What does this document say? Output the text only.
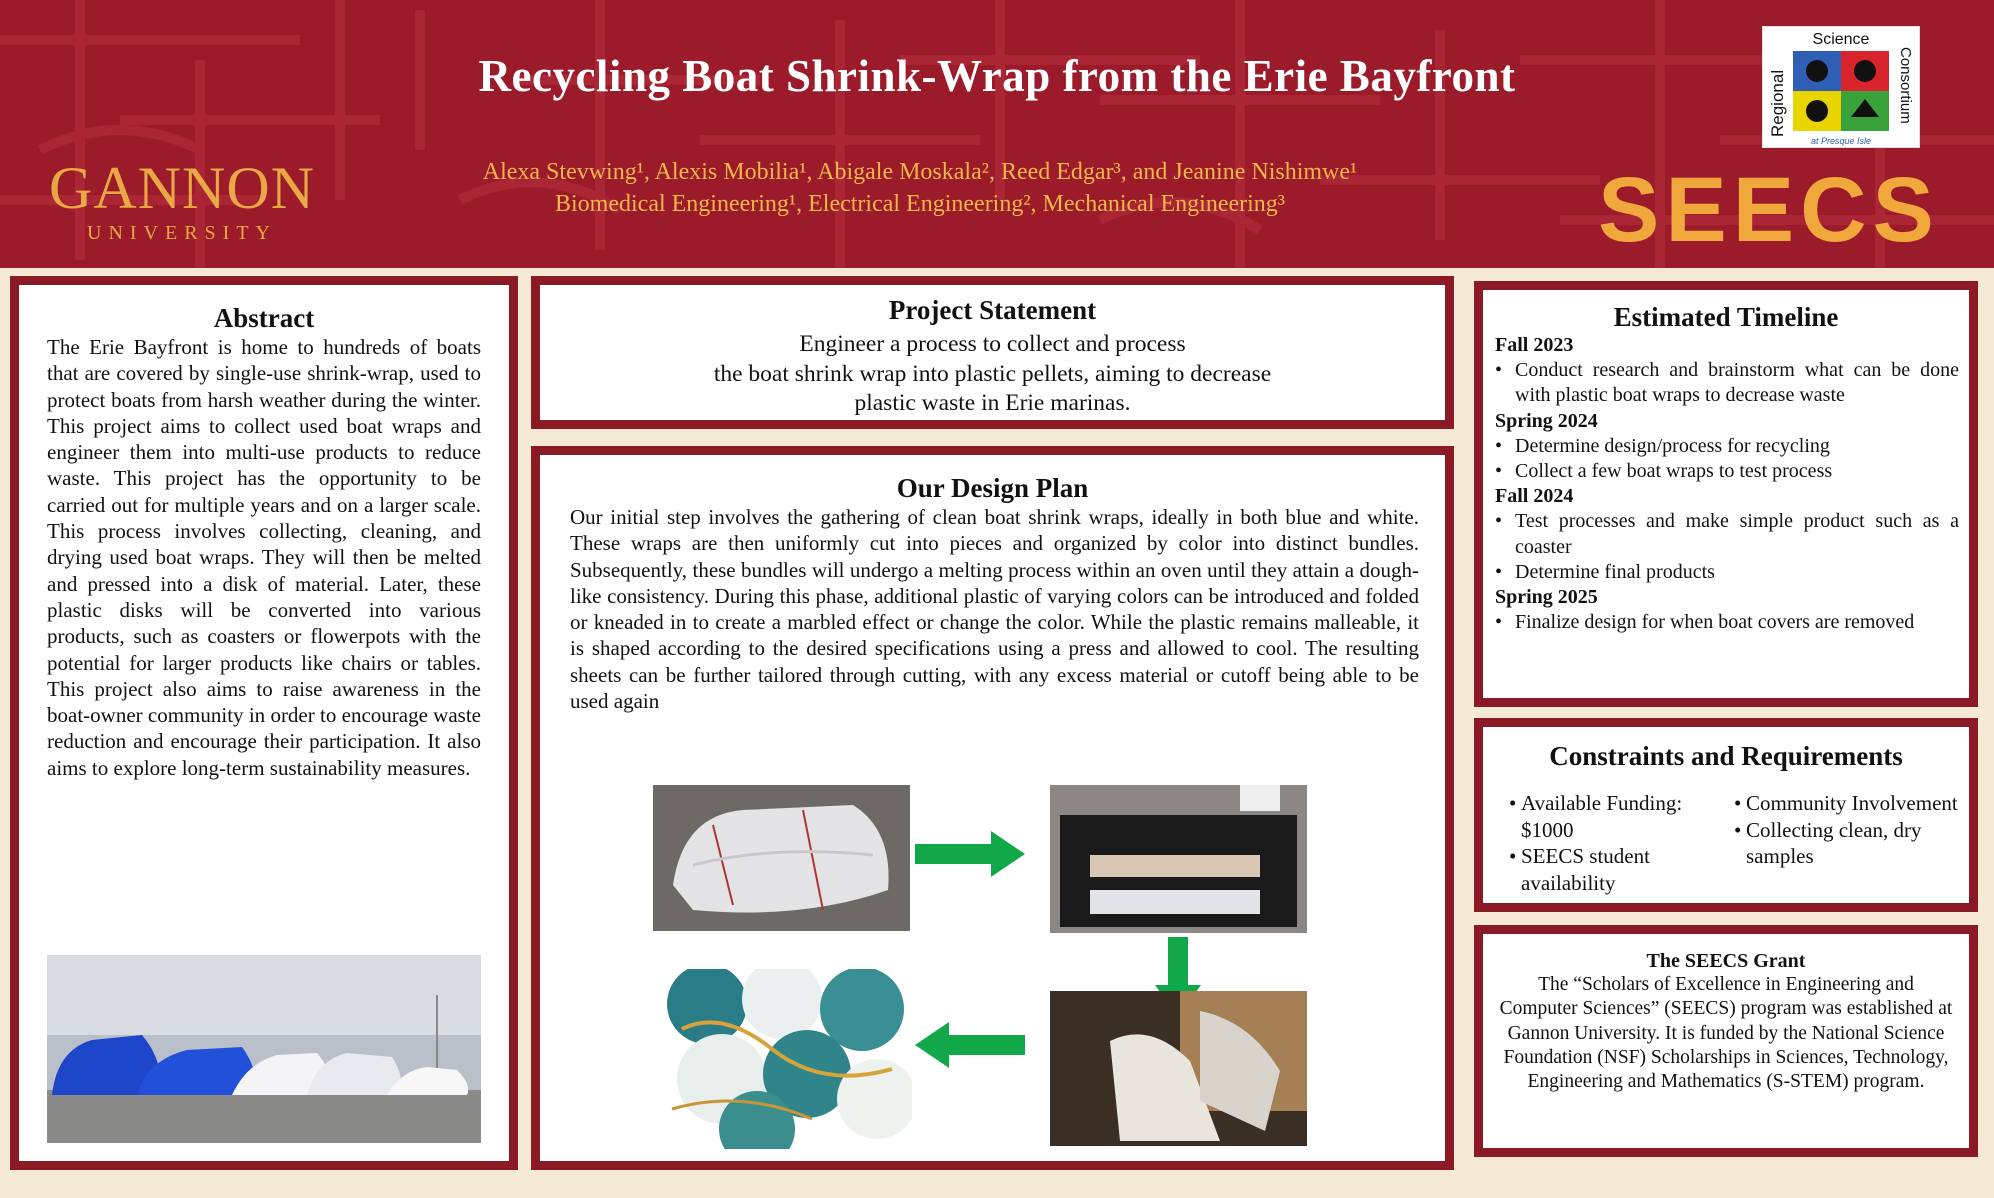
Recycling Boat Shrink-Wrap from the Erie Bayfront
GANNON
UNIVERSITY
Alexa Stevwing¹, Alexis Mobilia¹, Abigale Moskala², Reed Edgar³, and Jeanine Nishimwe¹
Biomedical Engineering¹, Electrical Engineering², Mechanical Engineering³
Science
Regional	Consortium
at Presque Isle
SEECS
Abstract
The Erie Bayfront is home to hundreds of boats that are covered by single-use shrink-wrap, used to protect boats from harsh weather during the winter. This project aims to collect used boat wraps and engineer them into multi-use products to reduce waste. This project has the opportunity to be carried out for multiple years and on a larger scale. This process involves collecting, cleaning, and drying used boat wraps. They will then be melted and pressed into a disk of material. Later, these plastic disks will be converted into various products, such as coasters or flowerpots with the potential for larger products like chairs or tables. This project also aims to raise awareness in the boat-owner community in order to encourage waste reduction and encourage their participation. It also aims to explore long-term sustainability measures.
Project Statement
Engineer a process to collect and process
the boat shrink wrap into plastic pellets, aiming to decrease
plastic waste in Erie marinas.
Our Design Plan
Our initial step involves the gathering of clean boat shrink wraps, ideally in both blue and white. These wraps are then uniformly cut into pieces and organized by color into distinct bundles. Subsequently, these bundles will undergo a melting process within an oven until they attain a dough-like consistency. During this phase, additional plastic of varying colors can be introduced and folded or kneaded in to create a marbled effect or change the color. While the plastic remains malleable, it is shaped according to the desired specifications using a press and allowed to cool. The resulting sheets can be further tailored through cutting, with any excess material or cutoff being able to be used again
Estimated Timeline
Fall 2023
• Conduct research and brainstorm what can be done with plastic boat wraps to decrease waste
Spring 2024
• Determine design/process for recycling
• Collect a few boat wraps to test process
Fall 2024
• Test processes and make simple product such as a coaster
• Determine final products
Spring 2025
• Finalize design for when boat covers are removed
Constraints and Requirements
• Available Funding: $1000
• SEECS student availability
• Community Involvement
• Collecting clean, dry samples
The SEECS Grant
The “Scholars of Excellence in Engineering and Computer Sciences” (SEECS) program was established at Gannon University. It is funded by the National Science Foundation (NSF) Scholarships in Sciences, Technology, Engineering and Mathematics (S-STEM) program.
